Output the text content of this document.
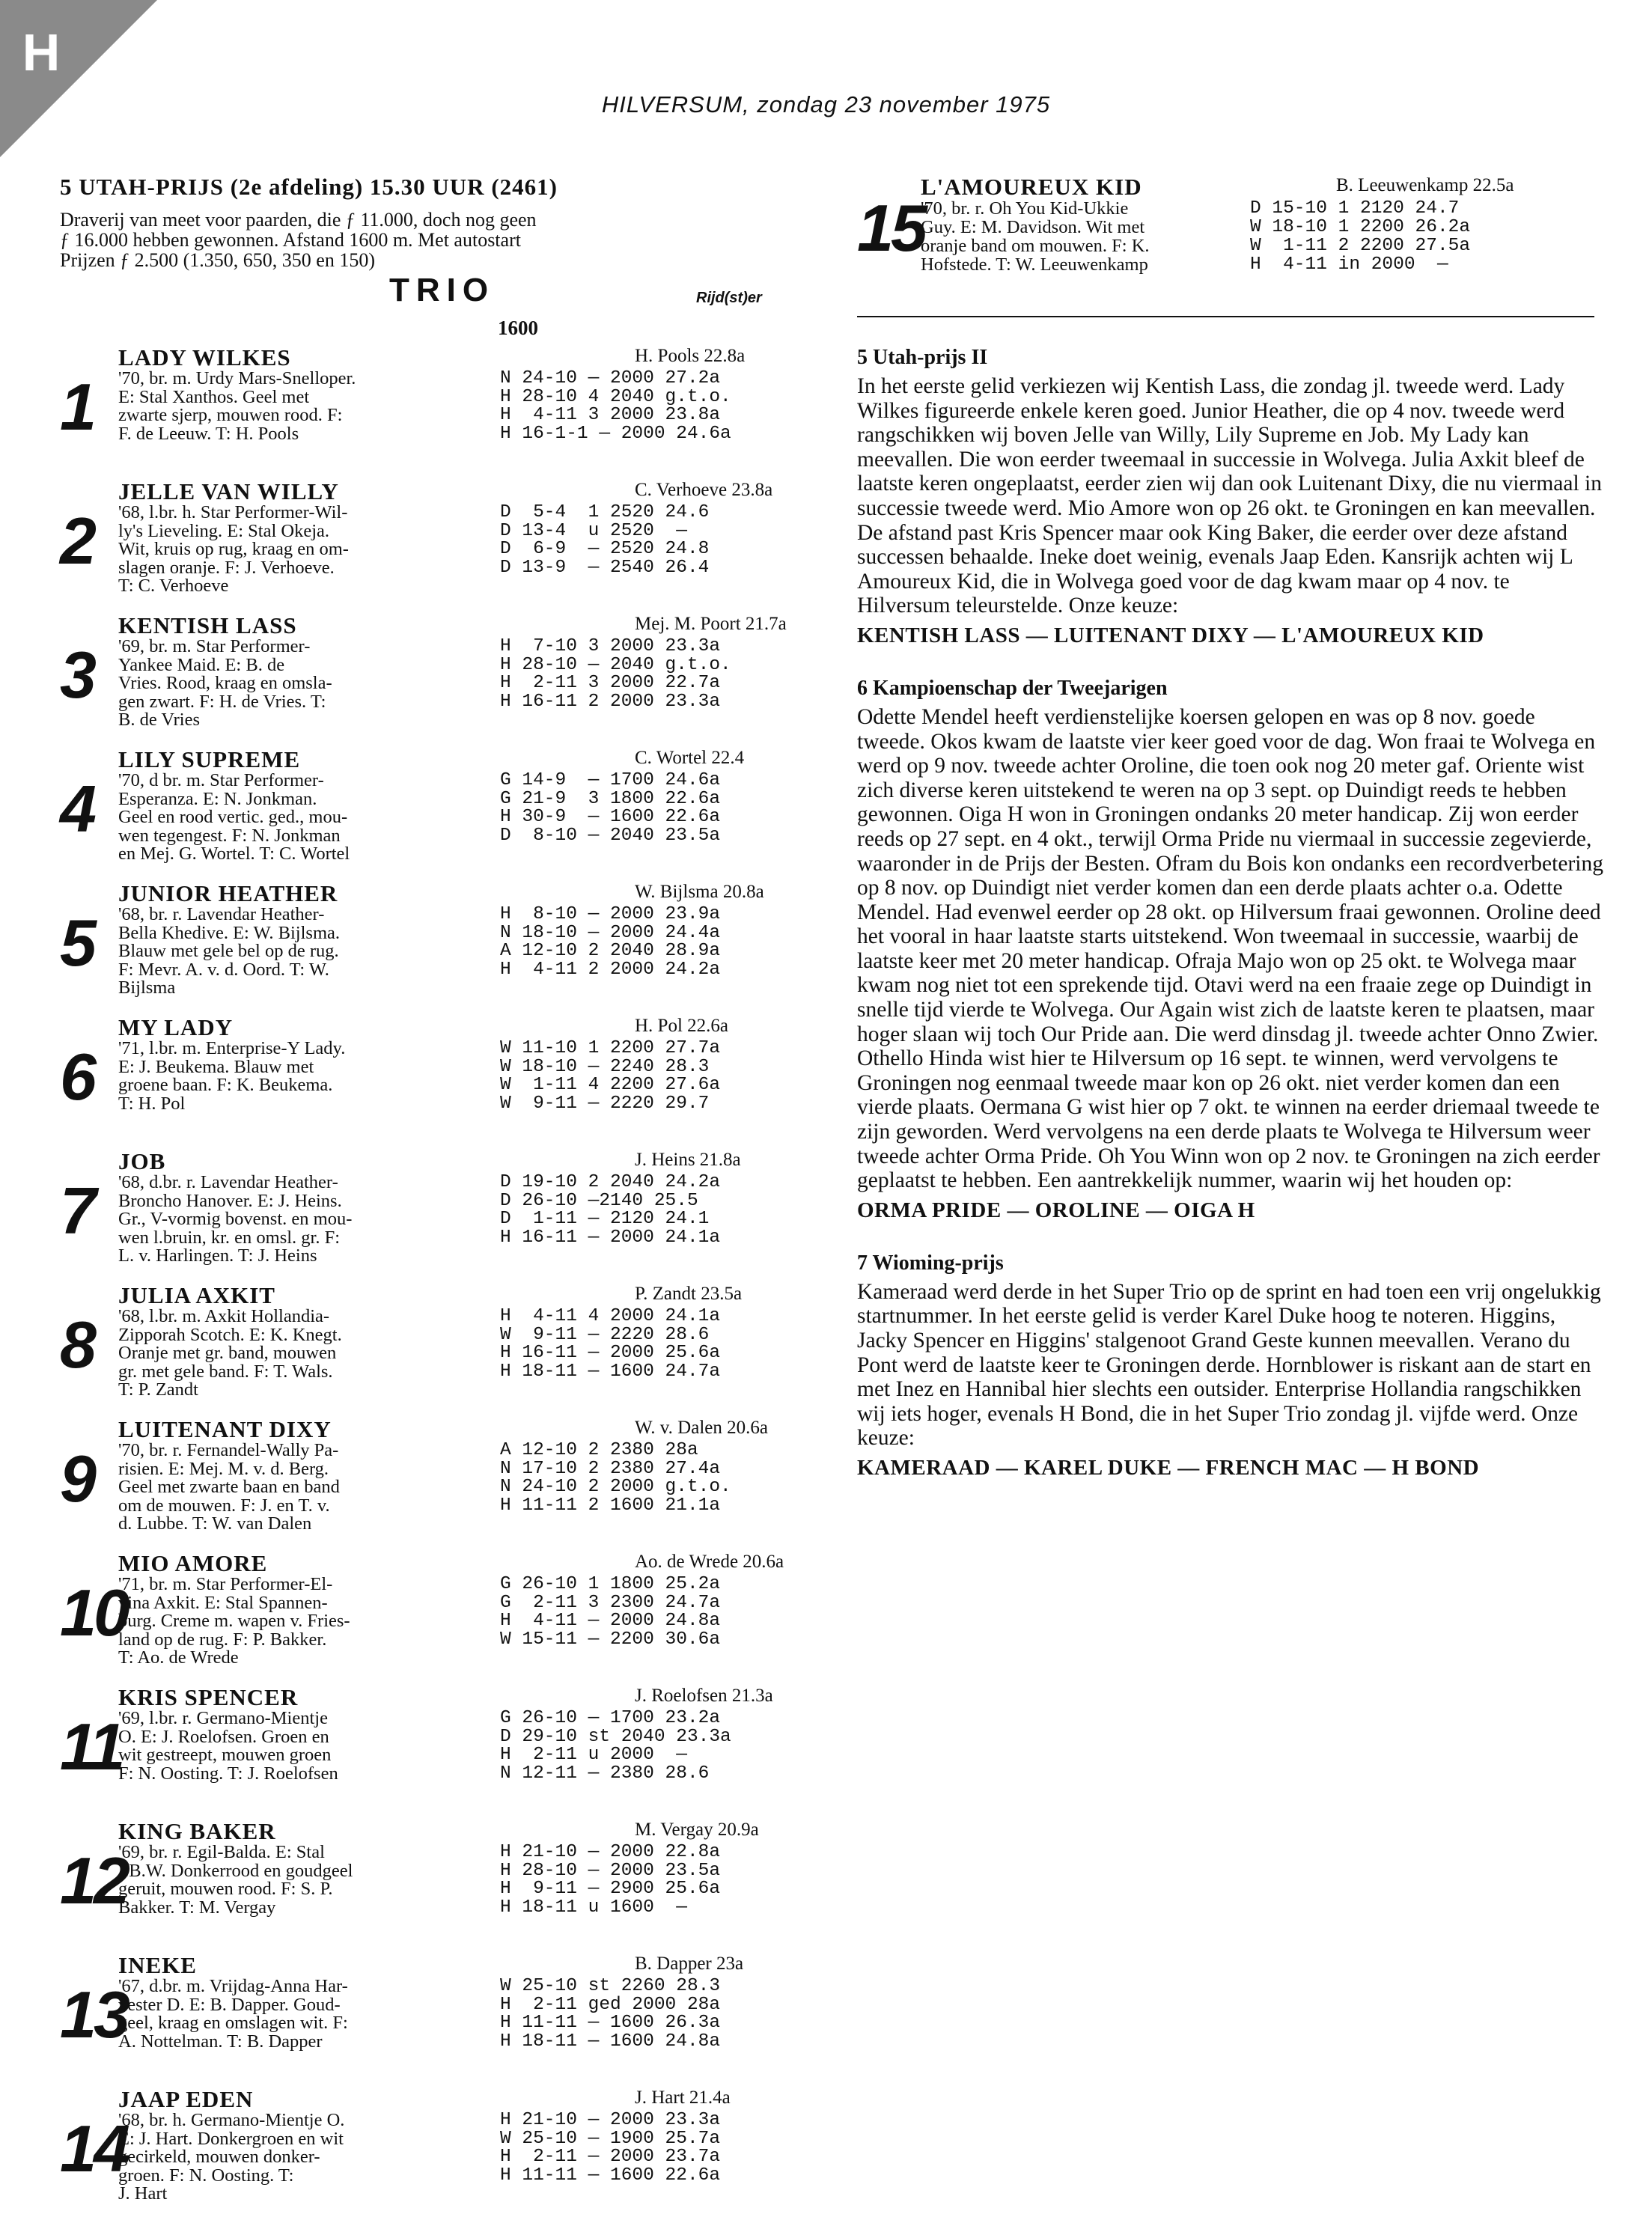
H
HILVERSUM, zondag 23 november 1975
5 UTAH-PRIJS (2e afdeling) 15.30 UUR (2461)
Draverij van meet voor paarden, die ƒ 11.000, doch nog geen
ƒ 16.000 hebben gewonnen. Afstand 1600 m. Met autostart
Prijzen ƒ 2.500 (1.350, 650, 350 en 150)
TRIO	Rijd(st)er
1600
1
LADY WILKES	H. Pools 22.8a
'70, br. m. Urdy Mars-Snelloper.
E: Stal Xanthos. Geel met
zwarte sjerp, mouwen rood. F:
F. de Leeuw. T: H. Pools
N 24-10 — 2000 27.2a
H 28-10 4 2040 g.t.o.
H  4-11 3 2000 23.8a
H 16-1-1 — 2000 24.6a
2
JELLE VAN WILLY	C. Verhoeve 23.8a
'68, l.br. h. Star Performer-Wil-
ly's Lieveling. E: Stal Okeja.
Wit, kruis op rug, kraag en om-
slagen oranje. F: J. Verhoeve.
T: C. Verhoeve
D  5-4  1 2520 24.6
D 13-4  u 2520  —
D  6-9  — 2520 24.8
D 13-9  — 2540 26.4
3
KENTISH LASS	Mej. M. Poort 21.7a
'69, br. m. Star Performer-
Yankee Maid. E: B. de
Vries. Rood, kraag en omsla-
gen zwart. F: H. de Vries. T:
B. de Vries
H  7-10 3 2000 23.3a
H 28-10 — 2040 g.t.o.
H  2-11 3 2000 22.7a
H 16-11 2 2000 23.3a
4
LILY SUPREME	C. Wortel 22.4
'70, d br. m. Star Performer-
Esperanza. E: N. Jonkman.
Geel en rood vertic. ged., mou-
wen tegengest. F: N. Jonkman
en Mej. G. Wortel. T: C. Wortel
G 14-9  — 1700 24.6a
G 21-9  3 1800 22.6a
H 30-9  — 1600 22.6a
D  8-10 — 2040 23.5a
5
JUNIOR HEATHER	W. Bijlsma 20.8a
'68, br. r. Lavendar Heather-
Bella Khedive. E: W. Bijlsma.
Blauw met gele bel op de rug.
F: Mevr. A. v. d. Oord. T: W.
Bijlsma
H  8-10 — 2000 23.9a
N 18-10 — 2000 24.4a
A 12-10 2 2040 28.9a
H  4-11 2 2000 24.2a
6
MY LADY	H. Pol 22.6a
'71, l.br. m. Enterprise-Y Lady.
E: J. Beukema. Blauw met
groene baan. F: K. Beukema.
T: H. Pol
W 11-10 1 2200 27.7a
W 18-10 — 2240 28.3
W  1-11 4 2200 27.6a
W  9-11 — 2220 29.7
7
JOB	J. Heins 21.8a
'68, d.br. r. Lavendar Heather-
Broncho Hanover. E: J. Heins.
Gr., V-vormig bovenst. en mou-
wen l.bruin, kr. en omsl. gr. F:
L. v. Harlingen. T: J. Heins
D 19-10 2 2040 24.2a
D 26-10 —2140 25.5
D  1-11 — 2120 24.1
H 16-11 — 2000 24.1a
8
JULIA AXKIT	P. Zandt 23.5a
'68, l.br. m. Axkit Hollandia-
Zipporah Scotch. E: K. Knegt.
Oranje met gr. band, mouwen
gr. met gele band. F: T. Wals.
T: P. Zandt
H  4-11 4 2000 24.1a
W  9-11 — 2220 28.6
H 16-11 — 2000 25.6a
H 18-11 — 1600 24.7a
9
LUITENANT DIXY	W. v. Dalen 20.6a
'70, br. r. Fernandel-Wally Pa-
risien. E: Mej. M. v. d. Berg.
Geel met zwarte baan en band
om de mouwen. F: J. en T. v.
d. Lubbe. T: W. van Dalen
A 12-10 2 2380 28a
N 17-10 2 2380 27.4a
N 24-10 2 2000 g.t.o.
H 11-11 2 1600 21.1a
10
MIO AMORE	Ao. de Wrede 20.6a
'71, br. m. Star Performer-El-
vina Axkit. E: Stal Spannen-
burg. Creme m. wapen v. Fries-
land op de rug. F: P. Bakker.
T: Ao. de Wrede
G 26-10 1 1800 25.2a
G  2-11 3 2300 24.7a
H  4-11 — 2000 24.8a
W 15-11 — 2200 30.6a
11
KRIS SPENCER	J. Roelofsen 21.3a
'69, l.br. r. Germano-Mientje
O. E: J. Roelofsen. Groen en
wit gestreept, mouwen groen
F: N. Oosting. T: J. Roelofsen
G 26-10 — 1700 23.2a
D 29-10 st 2040 23.3a
H  2-11 u 2000  —
N 12-11 — 2380 28.6
12
KING BAKER	M. Vergay 20.9a
'69, br. r. Egil-Balda. E: Stal
I.B.W. Donkerrood en goudgeel
geruit, mouwen rood. F: S. P.
Bakker. T: M. Vergay
H 21-10 — 2000 22.8a
H 28-10 — 2000 23.5a
H  9-11 — 2900 25.6a
H 18-11 u 1600  —
13
INEKE	B. Dapper 23a
'67, d.br. m. Vrijdag-Anna Har-
vester D. E: B. Dapper. Goud-
geel, kraag en omslagen wit. F:
A. Nottelman. T: B. Dapper
W 25-10 st 2260 28.3
H  2-11 ged 2000 28a
H 11-11 — 1600 26.3a
H 18-11 — 1600 24.8a
14
JAAP EDEN	J. Hart 21.4a
'68, br. h. Germano-Mientje O.
E: J. Hart. Donkergroen en wit
gecirkeld, mouwen donker-
groen. F: N. Oosting. T:
J. Hart
H 21-10 — 2000 23.3a
W 25-10 — 1900 25.7a
H  2-11 — 2000 23.7a
H 11-11 — 1600 22.6a
15
L'AMOUREUX KID	B. Leeuwenkamp 22.5a
'70, br. r. Oh You Kid-Ukkie
Guy. E: M. Davidson. Wit met
oranje band om mouwen. F: K.
Hofstede. T: W. Leeuwenkamp
D 15-10 1 2120 24.7
W 18-10 1 2200 26.2a
W  1-11 2 2200 27.5a
H  4-11 in 2000  —
5 Utah-prijs II

In het eerste gelid verkiezen wij Kentish Lass, die zondag jl. tweede werd. Lady Wilkes figureerde enkele keren goed. Junior Heather, die op 4 nov. tweede werd rangschikken wij boven Jelle van Willy, Lily Supreme en Job. My Lady kan meevallen. Die won eerder tweemaal in successie in Wolvega. Julia Axkit bleef de laatste keren ongeplaatst, eerder zien wij dan ook Luitenant Dixy, die nu viermaal in successie tweede werd. Mio Amore won op 26 okt. te Groningen en kan meevallen. De afstand past Kris Spencer maar ook King Baker, die eerder over deze afstand successen behaalde. Ineke doet weinig, evenals Jaap Eden. Kansrijk achten wij L Amoureux Kid, die in Wolvega goed voor de dag kwam maar op 4 nov. te Hilversum teleurstelde. Onze keuze:

KENTISH LASS — LUITENANT DIXY — L'AMOUREUX KID
6 Kampioenschap der Tweejarigen

Odette Mendel heeft verdienstelijke koersen gelopen en was op 8 nov. goede tweede. Okos kwam de laatste vier keer goed voor de dag. Won fraai te Wolvega en werd op 9 nov. tweede achter Oroline, die toen ook nog 20 meter gaf. Oriente wist zich diverse keren uitstekend te weren na op 3 sept. op Duindigt reeds te hebben gewonnen. Oiga H won in Groningen ondanks 20 meter handicap. Zij won eerder reeds op 27 sept. en 4 okt., terwijl Orma Pride nu viermaal in successie zegevierde, waaronder in de Prijs der Besten. Ofram du Bois kon ondanks een recordverbetering op 8 nov. op Duindigt niet verder komen dan een derde plaats achter o.a. Odette Mendel. Had evenwel eerder op 28 okt. op Hilversum fraai gewonnen. Oroline deed het vooral in haar laatste starts uitstekend. Won tweemaal in successie, waarbij de laatste keer met 20 meter handicap. Ofraja Majo won op 25 okt. te Wolvega maar kwam nog niet tot een sprekende tijd. Otavi werd na een fraaie zege op Duindigt in snelle tijd vierde te Wolvega. Our Again wist zich de laatste keren te plaatsen, maar hoger slaan wij toch Our Pride aan. Die werd dinsdag jl. tweede achter Onno Zwier. Othello Hinda wist hier te Hilversum op 16 sept. te winnen, werd vervolgens te Groningen nog eenmaal tweede maar kon op 26 okt. niet verder komen dan een vierde plaats. Oermana G wist hier op 7 okt. te winnen na eerder driemaal tweede te zijn geworden. Werd vervolgens na een derde plaats te Wolvega te Hilversum weer tweede achter Orma Pride. Oh You Winn won op 2 nov. te Groningen na zich eerder geplaatst te hebben. Een aantrekkelijk nummer, waarin wij het houden op:

ORMA PRIDE — OROLINE — OIGA H
7 Wioming-prijs

Kameraad werd derde in het Super Trio op de sprint en had toen een vrij ongelukkig startnummer. In het eerste gelid is verder Karel Duke hoog te noteren. Higgins, Jacky Spencer en Higgins' stalgenoot Grand Geste kunnen meevallen. Verano du Pont werd de laatste keer te Groningen derde. Hornblower is riskant aan de start en met Inez en Hannibal hier slechts een outsider. Enterprise Hollandia rangschikken wij iets hoger, evenals H Bond, die in het Super Trio zondag jl. vijfde werd. Onze keuze:

KAMERAAD — KAREL DUKE — FRENCH MAC — H BOND
